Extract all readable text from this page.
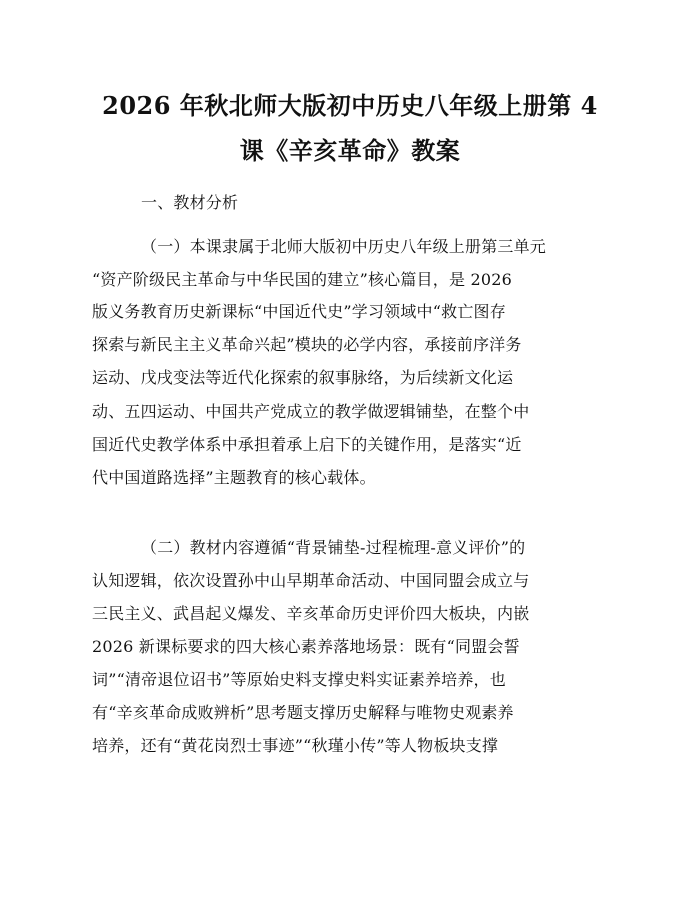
2026 年秋北师大版初中历史八年级上册第 4
课《辛亥革命》教案
一、教材分析
（一）本课隶属于北师大版初中历史八年级上册第三单元
“资产阶级民主革命与中华民国的建立”核心篇目，是 2026
版义务教育历史新课标“中国近代史”学习领域中“救亡图存
探索与新民主主义革命兴起”模块的必学内容，承接前序洋务
运动、戊戌变法等近代化探索的叙事脉络，为后续新文化运
动、五四运动、中国共产党成立的教学做逻辑铺垫，在整个中
国近代史教学体系中承担着承上启下的关键作用，是落实“近
代中国道路选择”主题教育的核心载体。
（二）教材内容遵循“背景铺垫-过程梳理-意义评价”的
认知逻辑，依次设置孙中山早期革命活动、中国同盟会成立与
三民主义、武昌起义爆发、辛亥革命历史评价四大板块，内嵌
2026 新课标要求的四大核心素养落地场景：既有“同盟会誓
词”“清帝退位诏书”等原始史料支撑史料实证素养培养，也
有“辛亥革命成败辨析”思考题支撑历史解释与唯物史观素养
培养，还有“黄花岗烈士事迹”“秋瑾小传”等人物板块支撑
